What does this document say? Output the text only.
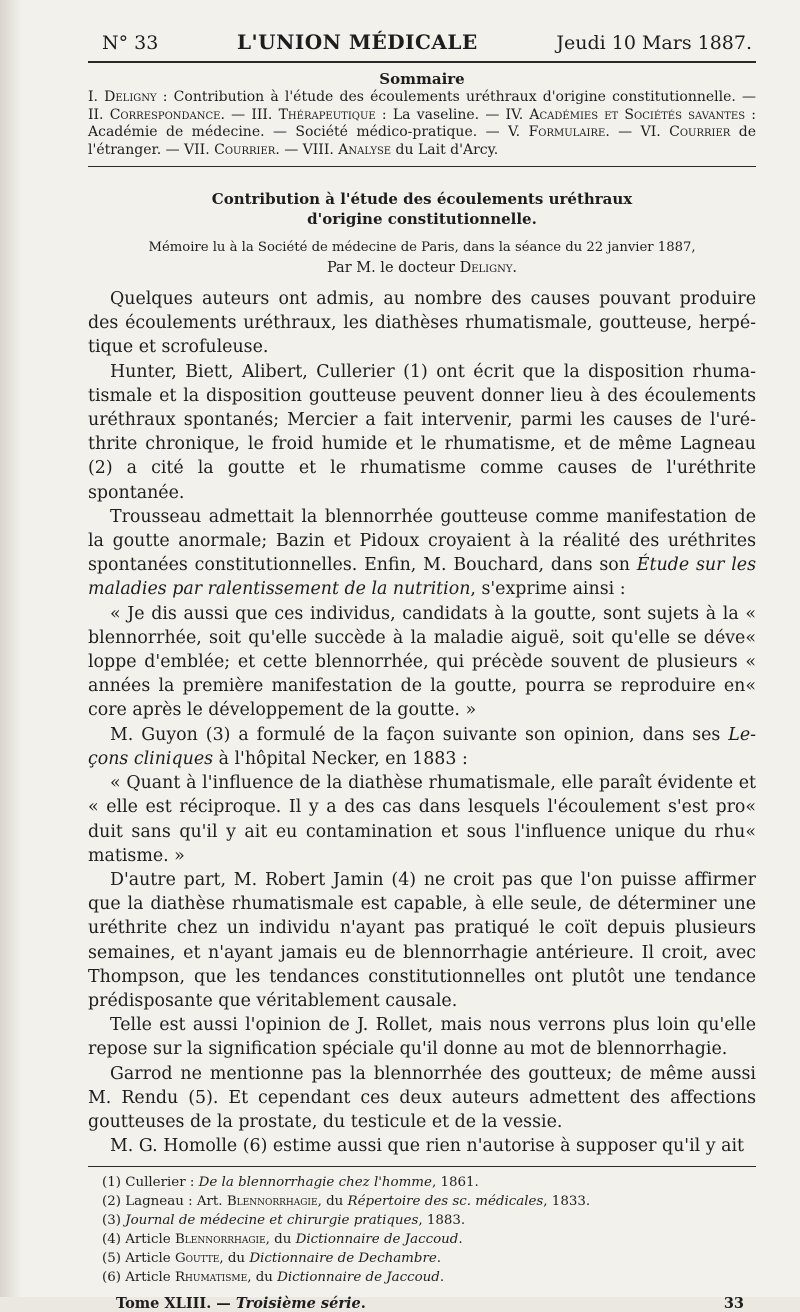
N° 33	L'UNION MÉDICALE	Jeudi 10 Mars 1887.
Sommaire
I. Deligny : Contribution à l'étude des écoulements uréthraux d'origine constitutionnelle. — II. Correspondance. — III. Thérapeutique : La vaseline. — IV. Académies et Sociétés savantes : Académie de médecine. — Société médico-pratique. — V. Formulaire. — VI. Courrier de l'étranger. — VII. Courrier. — VIII. Analyse du Lait d'Arcy.
Contribution à l'étude des écoulements uréthraux
d'origine constitutionnelle.
Mémoire lu à la Société de médecine de Paris, dans la séance du 22 janvier 1887,
Par M. le docteur Deligny.

Quelques auteurs ont admis, au nombre des causes pouvant produire des écoulements uréthraux, les diathèses rhumatismale, goutteuse, herpétique et scrofuleuse.

Hunter, Biett, Alibert, Cullerier (1) ont écrit que la disposition rhumatismale et la disposition goutteuse peuvent donner lieu à des écoulements uréthraux spontanés; Mercier a fait intervenir, parmi les causes de l'uréthrite chronique, le froid humide et le rhumatisme, et de même Lagneau (2) a cité la goutte et le rhumatisme comme causes de l'uréthrite spontanée.

Trousseau admettait la blennorrhée goutteuse comme manifestation de la goutte anormale; Bazin et Pidoux croyaient à la réalité des uréthrites spontanées constitutionnelles. Enfin, M. Bouchard, dans son Étude sur les maladies par ralentissement de la nutrition, s'exprime ainsi :

« Je dis aussi que ces individus, candidats à la goutte, sont sujets à la « blennorrhée, soit qu'elle succède à la maladie aiguë, soit qu'elle se déve« loppe d'emblée; et cette blennorrhée, qui précède souvent de plusieurs « années la première manifestation de la goutte, pourra se reproduire en« core après le développement de la goutte. »

M. Guyon (3) a formulé de la façon suivante son opinion, dans ses Leçons cliniques à l'hôpital Necker, en 1883 :

« Quant à l'influence de la diathèse rhumatismale, elle paraît évidente et « elle est réciproque. Il y a des cas dans lesquels l'écoulement s'est pro« duit sans qu'il y ait eu contamination et sous l'influence unique du rhu« matisme. »

D'autre part, M. Robert Jamin (4) ne croit pas que l'on puisse affirmer que la diathèse rhumatismale est capable, à elle seule, de déterminer une uréthrite chez un individu n'ayant pas pratiqué le coït depuis plusieurs semaines, et n'ayant jamais eu de blennorrhagie antérieure. Il croit, avec Thompson, que les tendances constitutionnelles ont plutôt une tendance prédisposante que véritablement causale.

Telle est aussi l'opinion de J. Rollet, mais nous verrons plus loin qu'elle repose sur la signification spéciale qu'il donne au mot de blennorrhagie.

Garrod ne mentionne pas la blennorrhée des goutteux; de même aussi M. Rendu (5). Et cependant ces deux auteurs admettent des affections goutteuses de la prostate, du testicule et de la vessie.

M. G. Homolle (6) estime aussi que rien n'autorise à supposer qu'il y ait

(1) Cullerier : De la blennorrhagie chez l'homme, 1861.
(2) Lagneau : Art. Blennorrhagie, du Répertoire des sc. médicales, 1833.
(3) Journal de médecine et chirurgie pratiques, 1883.
(4) Article Blennorrhagie, du Dictionnaire de Jaccoud.
(5) Article Goutte, du Dictionnaire de Dechambre.
(6) Article Rhumatisme, du Dictionnaire de Jaccoud.
Tome XLIII. — Troisième série.	33
